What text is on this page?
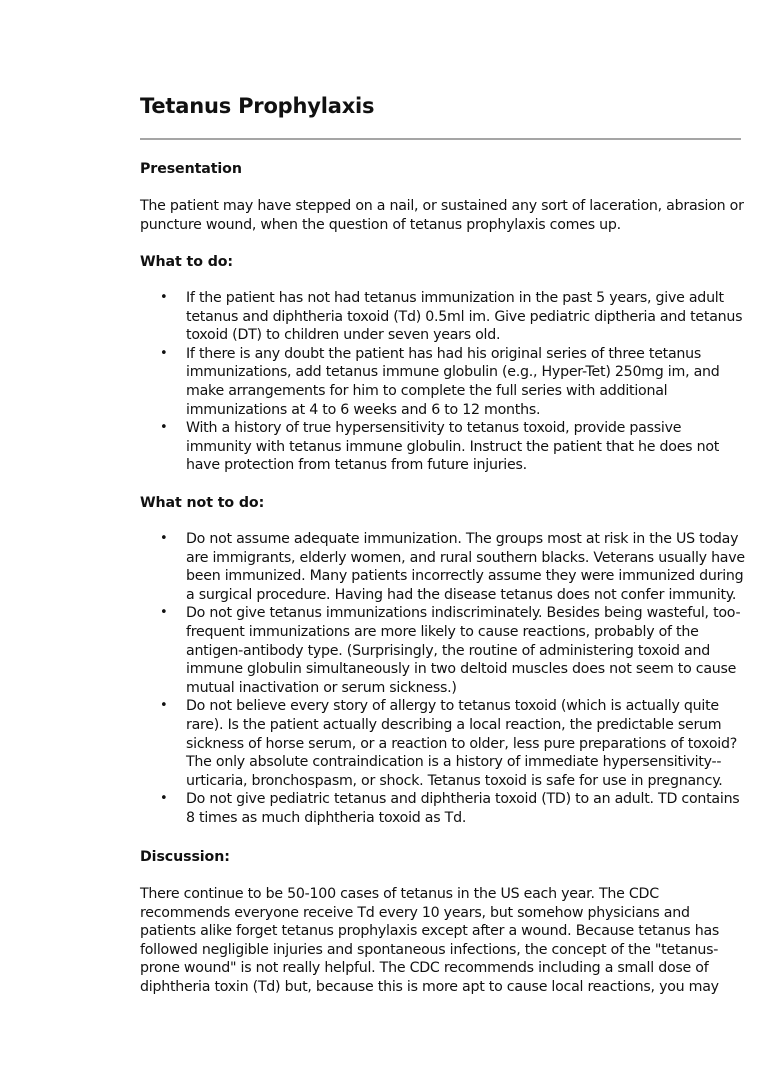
Tetanus Prophylaxis

Presentation

The patient may have stepped on a nail, or sustained any sort of laceration, abrasion or puncture wound, when the question of tetanus prophylaxis comes up.

What to do:

• If the patient has not had tetanus immunization in the past 5 years, give adult tetanus and diphtheria toxoid (Td) 0.5ml im. Give pediatric diptheria and tetanus toxoid (DT) to children under seven years old.
• If there is any doubt the patient has had his original series of three tetanus immunizations, add tetanus immune globulin (e.g., Hyper-Tet) 250mg im, and make arrangements for him to complete the full series with additional immunizations at 4 to 6 weeks and 6 to 12 months.
• With a history of true hypersensitivity to tetanus toxoid, provide passive immunity with tetanus immune globulin. Instruct the patient that he does not have protection from tetanus from future injuries.

What not to do:

• Do not assume adequate immunization. The groups most at risk in the US today are immigrants, elderly women, and rural southern blacks. Veterans usually have been immunized. Many patients incorrectly assume they were immunized during a surgical procedure. Having had the disease tetanus does not confer immunity.
• Do not give tetanus immunizations indiscriminately. Besides being wasteful, too-frequent immunizations are more likely to cause reactions, probably of the antigen-antibody type. (Surprisingly, the routine of administering toxoid and immune globulin simultaneously in two deltoid muscles does not seem to cause mutual inactivation or serum sickness.)
• Do not believe every story of allergy to tetanus toxoid (which is actually quite rare). Is the patient actually describing a local reaction, the predictable serum sickness of horse serum, or a reaction to older, less pure preparations of toxoid? The only absolute contraindication is a history of immediate hypersensitivity--urticaria, bronchospasm, or shock. Tetanus toxoid is safe for use in pregnancy.
• Do not give pediatric tetanus and diphtheria toxoid (TD) to an adult. TD contains 8 times as much diphtheria toxoid as Td.

Discussion:

There continue to be 50-100 cases of tetanus in the US each year. The CDC recommends everyone receive Td every 10 years, but somehow physicians and patients alike forget tetanus prophylaxis except after a wound. Because tetanus has followed negligible injuries and spontaneous infections, the concept of the "tetanus-prone wound" is not really helpful. The CDC recommends including a small dose of diphtheria toxin (Td) but, because this is more apt to cause local reactions, you may
